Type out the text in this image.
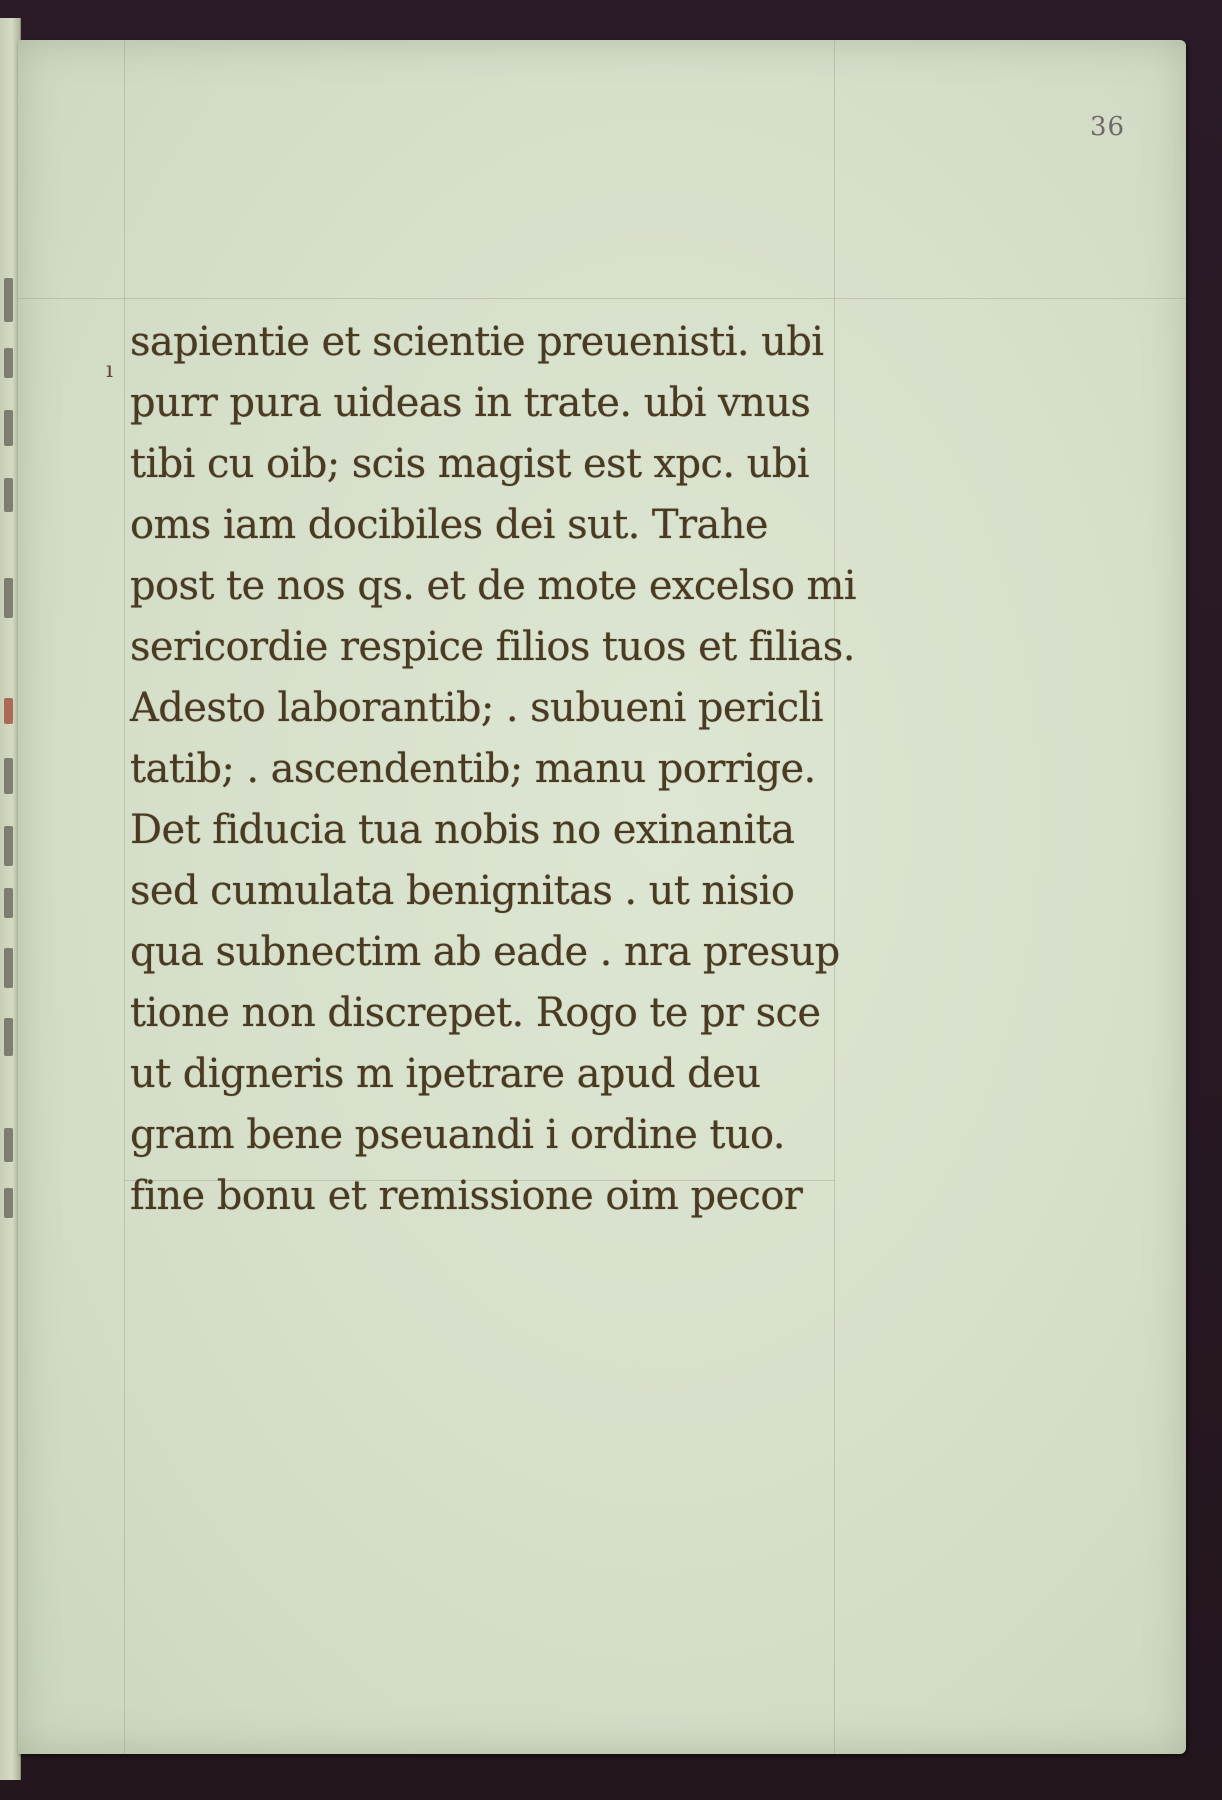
36
ı
sapientie et scientie preuenisti. ubi
purr pura uideas in trate. ubi vnus
tibi cu oib; scis magist est xpc. ubi
oms iam docibiles dei sut. Trahe
post te nos qs. et de mote excelso mi
sericordie respice filios tuos et filias.
Adesto laborantib; . subueni pericli
tatib; . ascendentib; manu porrige.
Det fiducia tua nobis no exinanita
sed cumulata benignitas . ut nisio
qua subnectim ab eade . nra presup
tione non discrepet. Rogo te pr sce
ut digneris m ipetrare apud deu
gram bene pseuandi i ordine tuo.
fine bonu et remissione oim pecor
